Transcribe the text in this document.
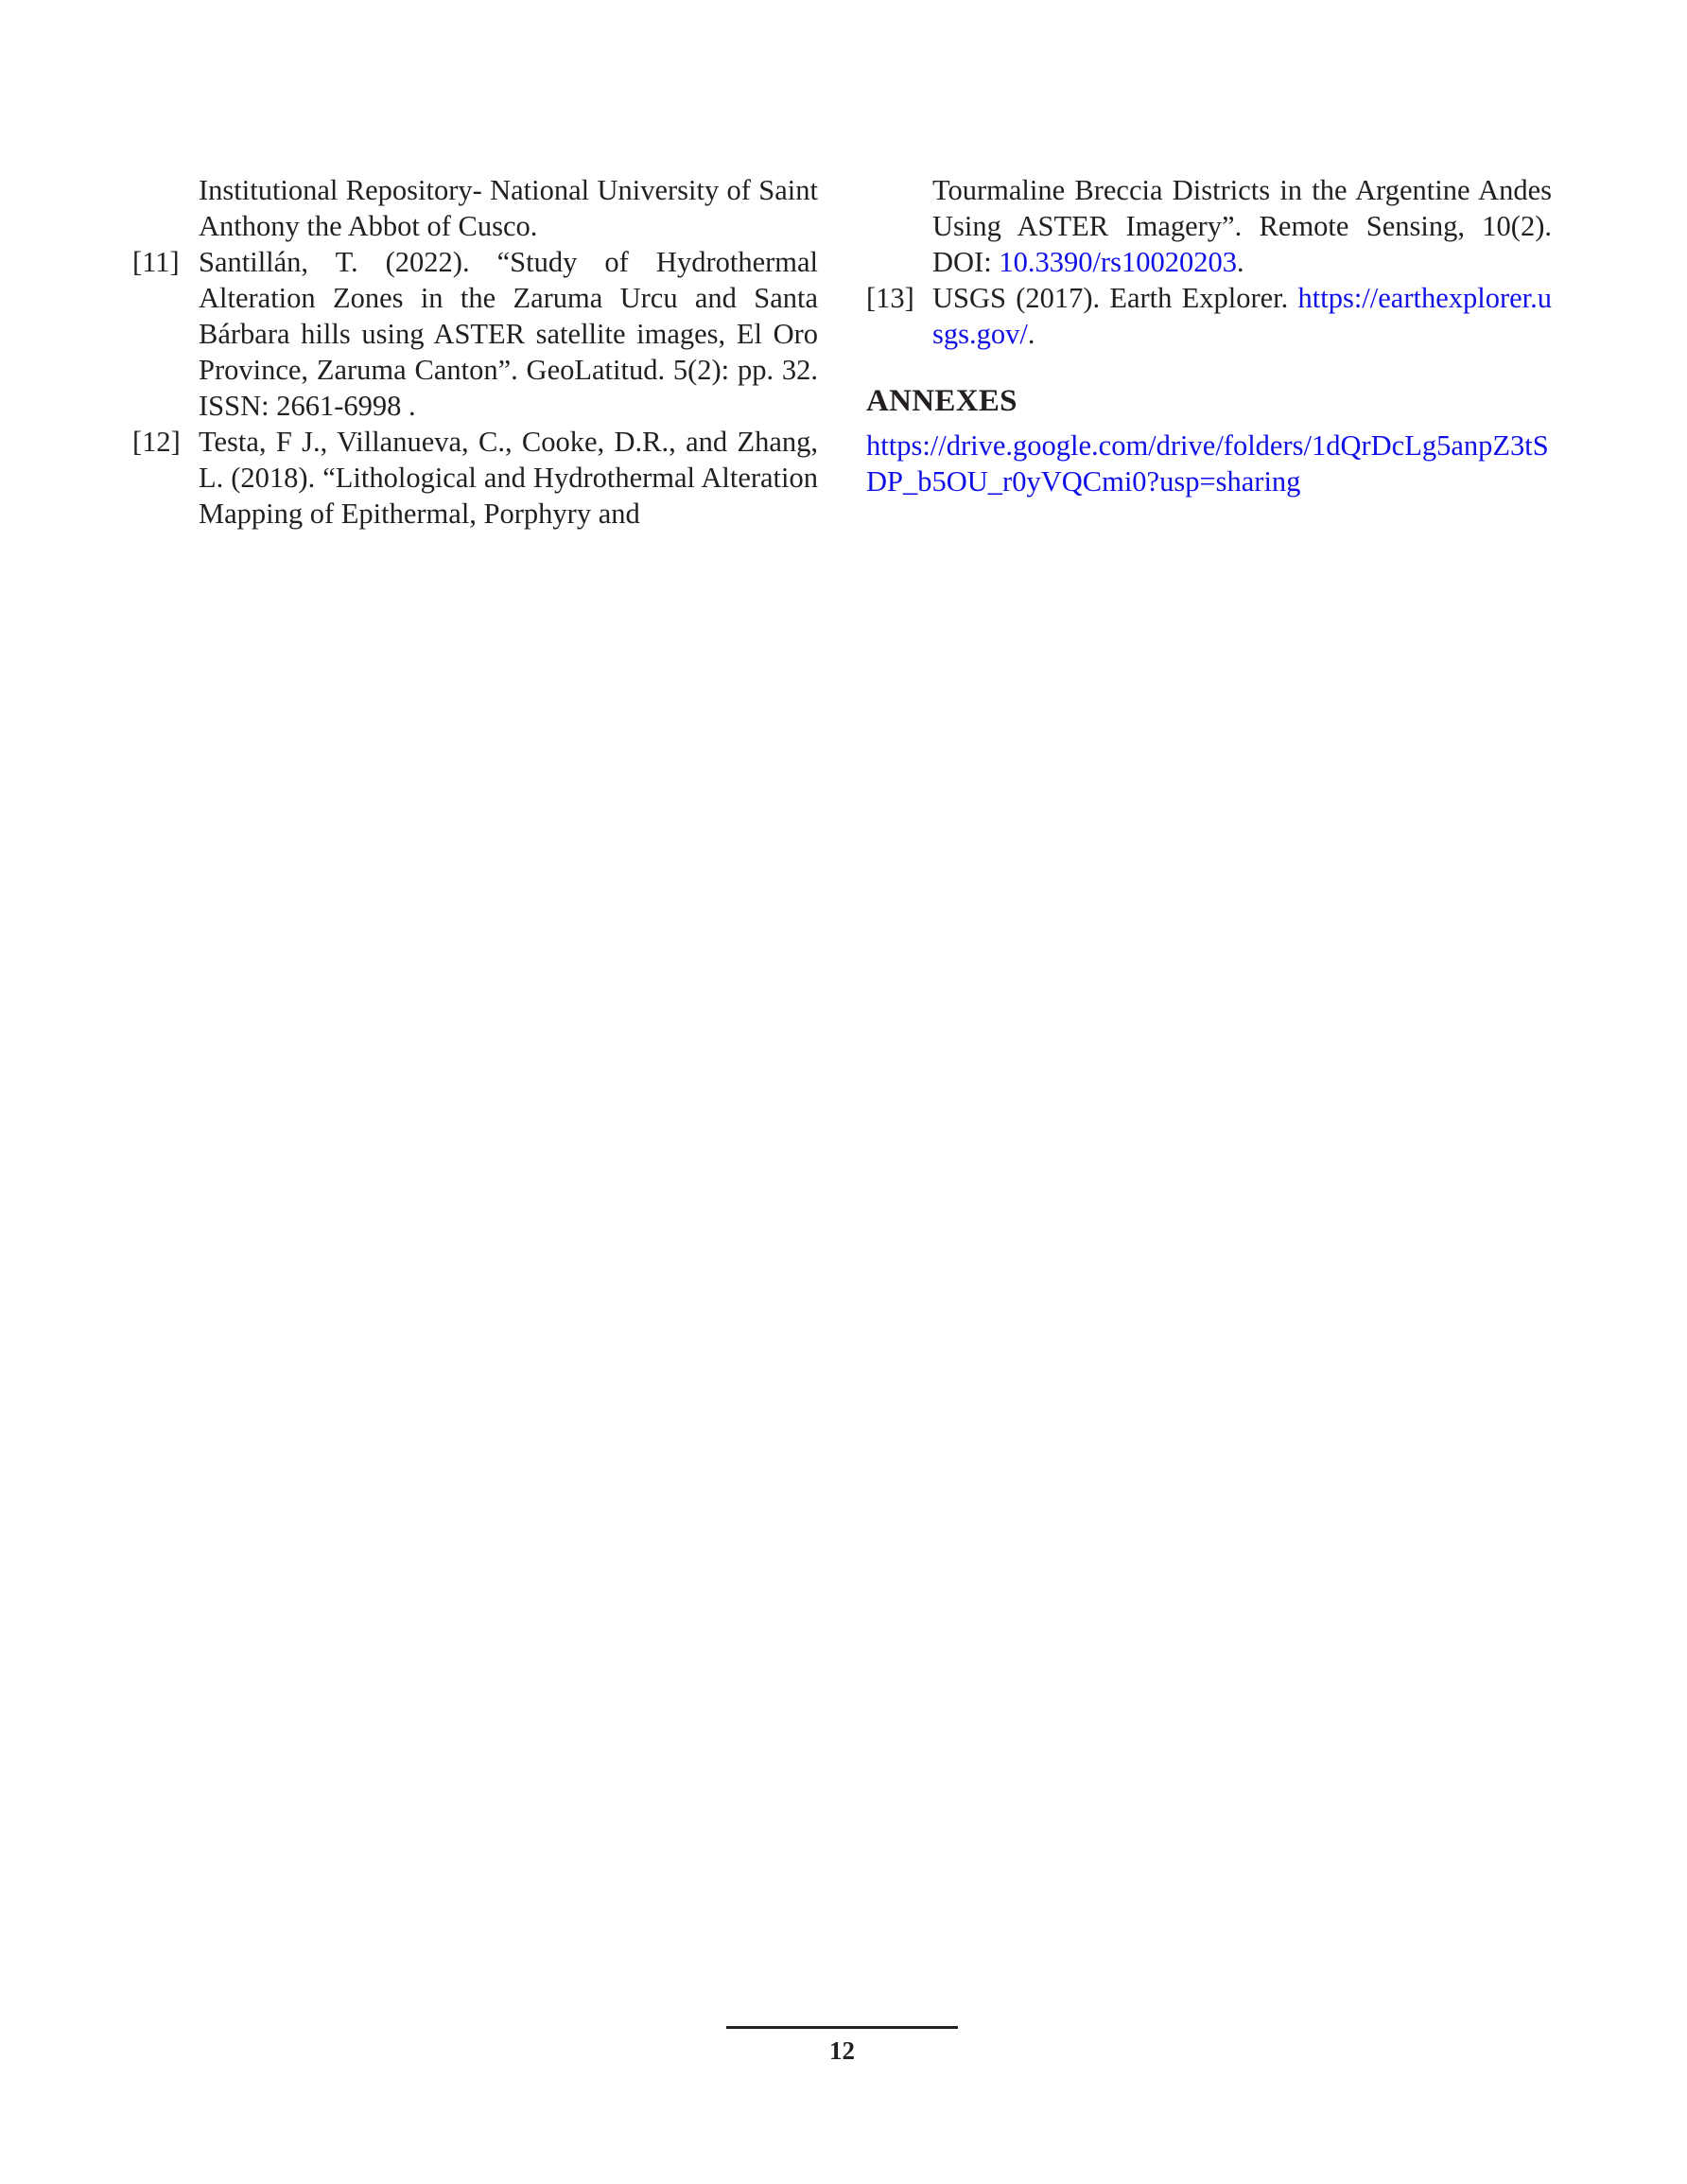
Institutional Repository- National University of Saint Anthony the Abbot of Cusco.

[11] Santillán, T. (2022). “Study of Hydrothermal Alteration Zones in the Zaruma Urcu and Santa Bárbara hills using ASTER satellite images, El Oro Province, Zaruma Canton”. GeoLatitud. 5(2): pp. 32. ISSN: 2661-6998 .

[12] Testa, F J., Villanueva, C., Cooke, D.R., and Zhang, L. (2018). “Lithological and Hydrothermal Alteration Mapping of Epithermal, Porphyry and

Tourmaline Breccia Districts in the Argentine Andes Using ASTER Imagery”. Remote Sensing, 10(2). DOI: 10.3390/rs10020203.

[13] USGS (2017). Earth Explorer. https://earthexplorer.usgs.gov/.

ANNEXES
https://drive.google.com/drive/folders/1dQrDcLg5anpZ3tSDP_b5OU_r0yVQCmi0?usp=sharing
12
